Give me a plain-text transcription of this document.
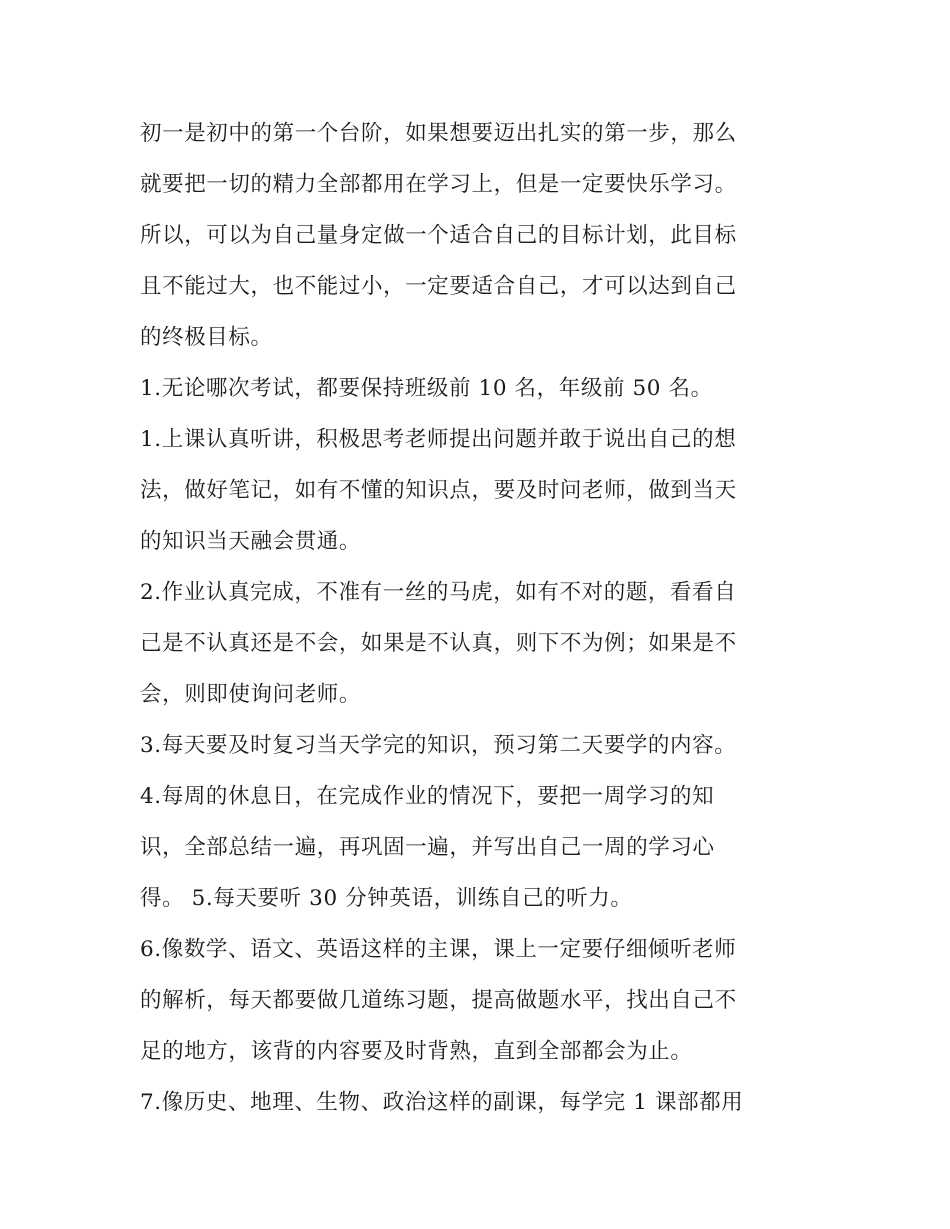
初一是初中的第一个台阶，如果想要迈出扎实的第一步，那么
就要把一切的精力全部都用在学习上，但是一定要快乐学习。
所以，可以为自己量身定做一个适合自己的目标计划，此目标
且不能过大，也不能过小，一定要适合自己，才可以达到自己
的终极目标。
1.无论哪次考试，都要保持班级前 10 名，年级前 50 名。
1.上课认真听讲，积极思考老师提出问题并敢于说出自己的想
法，做好笔记，如有不懂的知识点，要及时问老师，做到当天
的知识当天融会贯通。
2.作业认真完成，不准有一丝的马虎，如有不对的题，看看自
己是不认真还是不会，如果是不认真，则下不为例；如果是不
会，则即使询问老师。
3.每天要及时复习当天学完的知识，预习第二天要学的内容。
4.每周的休息日，在完成作业的情况下，要把一周学习的知
识，全部总结一遍，再巩固一遍，并写出自己一周的学习心
得。 5.每天要听 30 分钟英语，训练自己的听力。
6.像数学、语文、英语这样的主课，课上一定要仔细倾听老师
的解析，每天都要做几道练习题，提高做题水平，找出自己不
足的地方，该背的内容要及时背熟，直到全部都会为止。
7.像历史、地理、生物、政治这样的副课，每学完 1 课部都用
